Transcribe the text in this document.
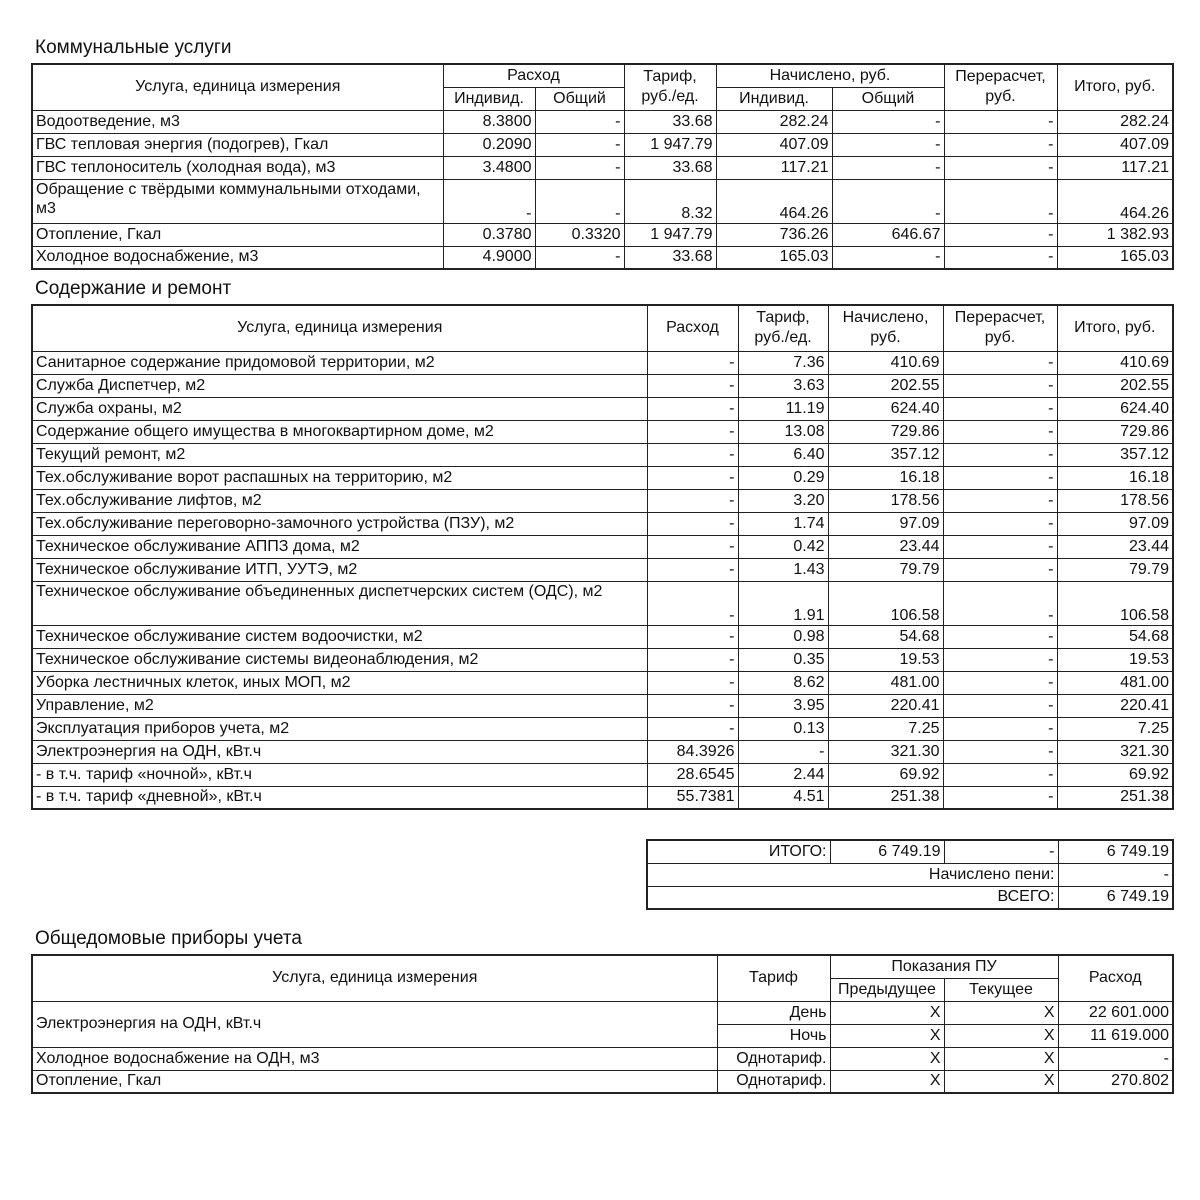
Коммунальные услуги
Услуга, единица измерения	Расход		Тариф, руб./ед.	Начислено, руб.		Перерасчет, руб.	Итого, руб.
	Индивид.	Общий		Индивид.	Общий		
Водоотведение, м3	8.3800	-	33.68	282.24	-	-	282.24
ГВС тепловая энергия (подогрев), Гкал	0.2090	-	1 947.79	407.09	-	-	407.09
ГВС теплоноситель (холодная вода), м3	3.4800	-	33.68	117.21	-	-	117.21
Обращение с твёрдыми коммунальными отходами, м3	-	-	8.32	464.26	-	-	464.26
Отопление, Гкал	0.3780	0.3320	1 947.79	736.26	646.67	-	1 382.93
Холодное водоснабжение, м3	4.9000	-	33.68	165.03	-	-	165.03
Содержание и ремонт
Услуга, единица измерения	Расход	Тариф, руб./ед.	Начислено, руб.	Перерасчет, руб.	Итого, руб.
Санитарное содержание придомовой территории, м2	-	7.36	410.69	-	410.69
Служба Диспетчер, м2	-	3.63	202.55	-	202.55
Служба охраны, м2	-	11.19	624.40	-	624.40
Содержание общего имущества в многоквартирном доме, м2	-	13.08	729.86	-	729.86
Текущий ремонт, м2	-	6.40	357.12	-	357.12
Тех.обслуживание ворот распашных на территорию, м2	-	0.29	16.18	-	16.18
Тех.обслуживание лифтов, м2	-	3.20	178.56	-	178.56
Тех.обслуживание переговорно-замочного устройства (ПЗУ), м2	-	1.74	97.09	-	97.09
Техническое обслуживание АППЗ дома, м2	-	0.42	23.44	-	23.44
Техническое обслуживание ИТП, УУТЭ, м2	-	1.43	79.79	-	79.79
Техническое обслуживание объединенных диспетчерских систем (ОДС), м2	-	1.91	106.58	-	106.58
Техническое обслуживание систем водоочистки, м2	-	0.98	54.68	-	54.68
Техническое обслуживание системы видеонаблюдения, м2	-	0.35	19.53	-	19.53
Уборка лестничных клеток, иных МОП, м2	-	8.62	481.00	-	481.00
Управление, м2	-	3.95	220.41	-	220.41
Эксплуатация приборов учета, м2	-	0.13	7.25	-	7.25
Электроэнергия на ОДН, кВт.ч	84.3926	-	321.30	-	321.30
- в т.ч. тариф «ночной», кВт.ч	28.6545	2.44	69.92	-	69.92
- в т.ч. тариф «дневной», кВт.ч	55.7381	4.51	251.38	-	251.38
ИТОГО:	6 749.19	-	6 749.19
Начислено пени:			-
ВСЕГО:			6 749.19
Общедомовые приборы учета
Услуга, единица измерения	Тариф	Показания ПУ		Расход
		Предыдущее	Текущее	
Электроэнергия на ОДН, кВт.ч	День	X	X	22 601.000
	Ночь	X	X	11 619.000
Холодное водоснабжение на ОДН, м3	Однотариф.	X	X	-
Отопление, Гкал	Однотариф.	X	X	270.802
